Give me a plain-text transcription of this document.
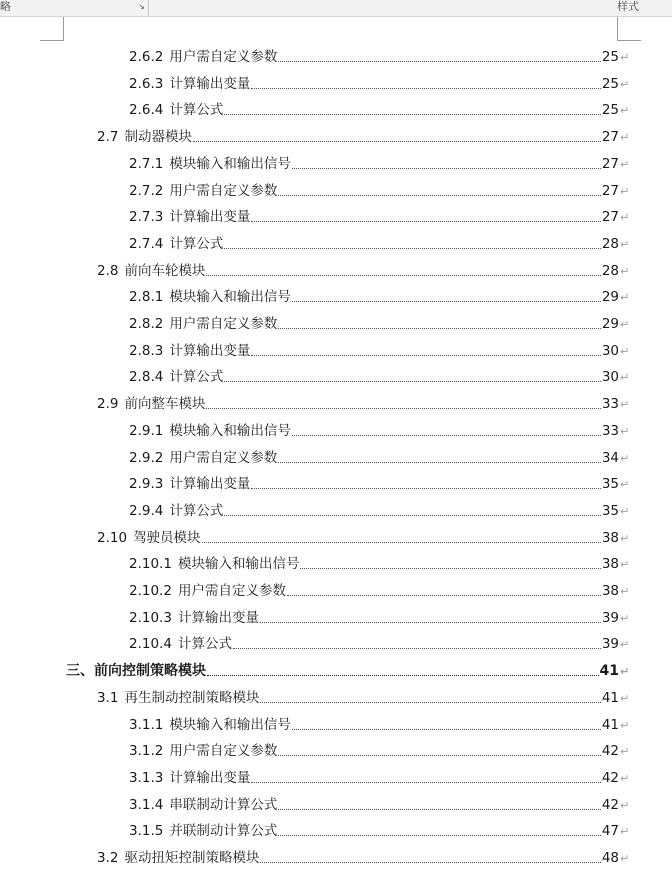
略	↘	样式
2.6.2 用户需自定义参数	25 ↵
2.6.3 计算输出变量	25 ↵
2.6.4 计算公式	25 ↵
2.7 制动器模块	27 ↵
2.7.1 模块输入和输出信号	27 ↵
2.7.2 用户需自定义参数	27 ↵
2.7.3 计算输出变量	27 ↵
2.7.4 计算公式	28 ↵
2.8 前向车轮模块	28 ↵
2.8.1 模块输入和输出信号	29 ↵
2.8.2 用户需自定义参数	29 ↵
2.8.3 计算输出变量	30 ↵
2.8.4 计算公式	30 ↵
2.9 前向整车模块	33 ↵
2.9.1 模块输入和输出信号	33 ↵
2.9.2 用户需自定义参数	34 ↵
2.9.3 计算输出变量	35 ↵
2.9.4 计算公式	35 ↵
2.10 驾驶员模块	38 ↵
2.10.1 模块输入和输出信号	38 ↵
2.10.2 用户需自定义参数	38 ↵
2.10.3 计算输出变量	39 ↵
2.10.4 计算公式	39 ↵
三、 前向控制策略模块	41 ↵
3.1 再生制动控制策略模块	41 ↵
3.1.1 模块输入和输出信号	41 ↵
3.1.2 用户需自定义参数	42 ↵
3.1.3 计算输出变量	42 ↵
3.1.4 串联制动计算公式	42 ↵
3.1.5 并联制动计算公式	47 ↵
3.2 驱动扭矩控制策略模块	48 ↵
